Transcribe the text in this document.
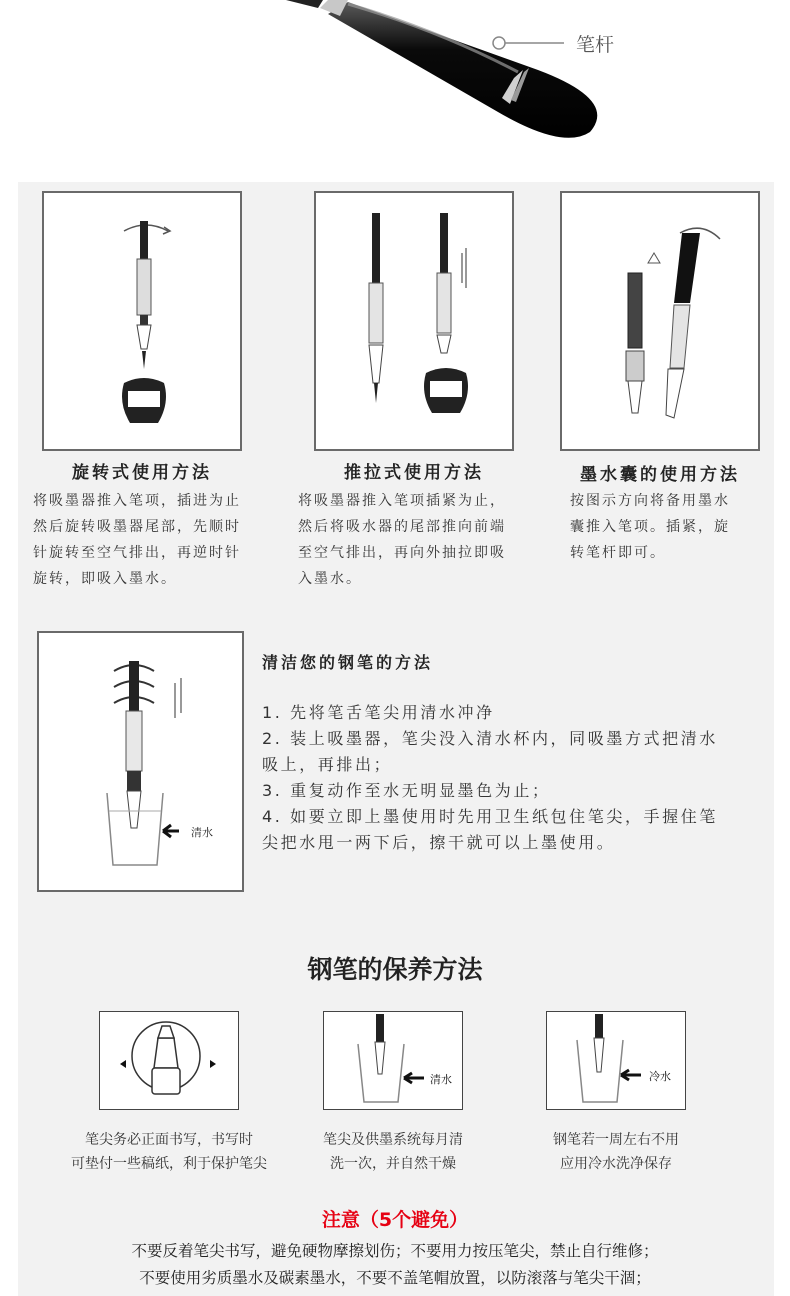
笔杆
旋转式使用方法
将吸墨器推入笔项，插进为止
然后旋转吸墨器尾部，先顺时
针旋转至空气排出，再逆时针
旋转，即吸入墨水。
推拉式使用方法
将吸墨器推入笔项插紧为止，
然后将吸水器的尾部推向前端
至空气排出，再向外抽拉即吸
入墨水。
墨水囊的使用方法
按图示方向将备用墨水
囊推入笔项。插紧，旋
转笔杆即可。
清水
清洁您的钢笔的方法
1. 先将笔舌笔尖用清水冲净
2. 装上吸墨器，笔尖没入清水杯内，同吸墨方式把清水
吸上，再排出；
3. 重复动作至水无明显墨色为止；
4. 如要立即上墨使用时先用卫生纸包住笔尖，手握住笔
尖把水甩一两下后，擦干就可以上墨使用。
钢笔的保养方法
清水	冷水
笔尖务必正面书写，书写时
可垫付一些稿纸，利于保护笔尖
笔尖及供墨系统每月清
洗一次，并自然干燥
钢笔若一周左右不用
应用冷水洗净保存
注意（5个避免）
不要反着笔尖书写，避免硬物摩擦划伤；不要用力按压笔尖，禁止自行维修；
不要使用劣质墨水及碳素墨水，不要不盖笔帽放置，以防滚落与笔尖干涸；
